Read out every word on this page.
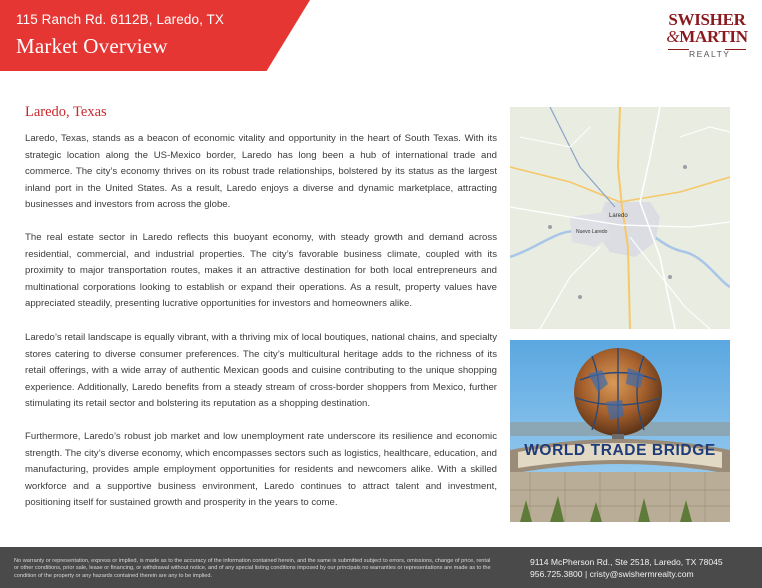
115 Ranch Rd. 6112B, Laredo, TX
Market Overview
SWISHER
&MARTIN
REALTY
Laredo, Texas

Laredo, Texas, stands as a beacon of economic vitality and opportunity in the heart of South Texas. With its strategic location along the US-Mexico border, Laredo has long been a hub of international trade and commerce. The city’s economy thrives on its robust trade relationships, bolstered by its status as the largest inland port in the United States. As a result, Laredo enjoys a diverse and dynamic marketplace, attracting businesses and investors from across the globe.

The real estate sector in Laredo reflects this buoyant economy, with steady growth and demand across residential, commercial, and industrial properties. The city’s favorable business climate, coupled with its proximity to major transportation routes, makes it an attractive destination for both local entrepreneurs and multinational corporations looking to establish or expand their operations. As a result, property values have appreciated steadily, presenting lucrative opportunities for investors and homeowners alike.

Laredo’s retail landscape is equally vibrant, with a thriving mix of local boutiques, national chains, and specialty stores catering to diverse consumer preferences. The city’s multicultural heritage adds to the richness of its retail offerings, with a wide array of authentic Mexican goods and cuisine contributing to the unique shopping experience. Additionally, Laredo benefits from a steady stream of cross-border shoppers from Mexico, further stimulating its retail sector and bolstering its reputation as a shopping destination.

Furthermore, Laredo’s robust job market and low unemployment rate underscore its resilience and economic strength. The city’s diverse economy, which encompasses sectors such as logistics, healthcare, education, and manufacturing, provides ample employment opportunities for residents and newcomers alike. With a skilled workforce and a supportive business environment, Laredo continues to attract talent and investment, positioning itself for sustained growth and prosperity in the years to come.

Laredo
Nuevo Laredo
WORLD TRADE BRIDGE
No warranty or representation, express or implied, is made as to the accuracy of the information contained herein, and the same is submitted subject to errors, omissions, change of price, rental or other conditions, prior sale, lease or financing, or withdrawal without notice, and of any special listing conditions imposed by our principals no warranties or representations are made as to the condition of the property or any hazards contained therein are any to be implied.
9114 McPherson Rd., Ste 2518, Laredo, TX 78045
956.725.3800 | cristy@swishermrealty.com
